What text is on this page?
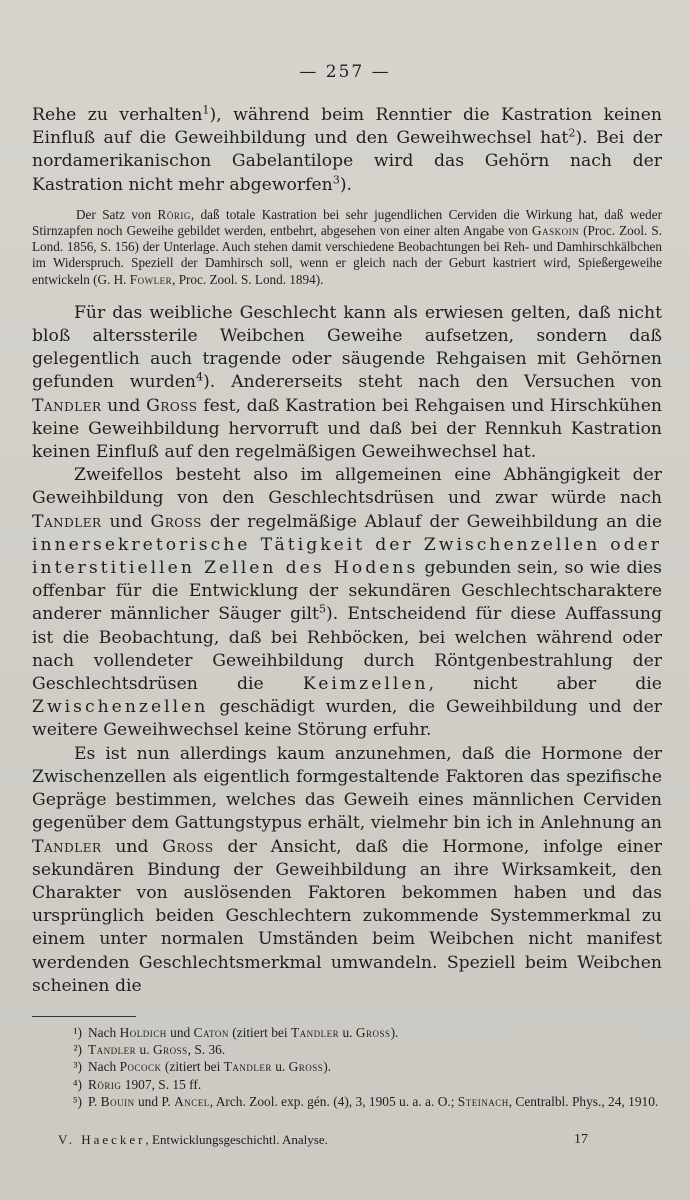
— 257 —

Rehe zu verhalten$^1$), während beim Renntier die Kastration keinen Einfluß auf die Geweihbildung und den Geweihwechsel hat$^2$). Bei der nordamerikanischon Gabelantilope wird das Gehörn nach der Kastration nicht mehr abgeworfen$^3$).

Der Satz von Rörig, daß totale Kastration bei sehr jugendlichen Cerviden die Wirkung hat, daß weder Stirnzapfen noch Geweihe gebildet werden, entbehrt, abgesehen von einer alten Angabe von Gaskoin (Proc. Zool. S. Lond. 1856, S. 156) der Unterlage. Auch stehen damit verschiedene Beobachtungen bei Reh- und Damhirschkälbchen im Widerspruch. Speziell der Damhirsch soll, wenn er gleich nach der Geburt kastriert wird, Spießergeweihe entwickeln (G. H. Fowler, Proc. Zool. S. Lond. 1894).

Für das weibliche Geschlecht kann als erwiesen gelten, daß nicht bloß alterssterile Weibchen Geweihe aufsetzen, sondern daß gelegentlich auch tragende oder säugende Rehgaisen mit Gehörnen gefunden wurden$^4$). Andererseits steht nach den Versuchen von Tandler und Gross fest, daß Kastration bei Rehgaisen und Hirschkühen keine Geweihbildung hervorruft und daß bei der Rennkuh Kastration keinen Einfluß auf den regelmäßigen Geweihwechsel hat.

Zweifellos besteht also im allgemeinen eine Abhängigkeit der Geweihbildung von den Geschlechtsdrüsen und zwar würde nach Tandler und Gross der regelmäßige Ablauf der Geweihbildung an die innersekretorische Tätigkeit der Zwischenzellen oder interstitiellen Zellen des Hodens gebunden sein, so wie dies offenbar für die Entwicklung der sekundären Geschlechtscharaktere anderer männlicher Säuger gilt$^5$). Entscheidend für diese Auffassung ist die Beobachtung, daß bei Rehböcken, bei welchen während oder nach vollendeter Geweihbildung durch Röntgenbestrahlung der Geschlechtsdrüsen die Keimzellen, nicht aber die Zwischenzellen geschädigt wurden, die Geweihbildung und der weitere Geweihwechsel keine Störung erfuhr.

Es ist nun allerdings kaum anzunehmen, daß die Hormone der Zwischenzellen als eigentlich formgestaltende Faktoren das spezifische Gepräge bestimmen, welches das Geweih eines männlichen Cerviden gegenüber dem Gattungstypus erhält, vielmehr bin ich in Anlehnung an Tandler und Gross der Ansicht, daß die Hormone, infolge einer sekundären Bindung der Geweihbildung an ihre Wirksamkeit, den Charakter von auslösenden Faktoren bekommen haben und das ursprünglich beiden Geschlechtern zukommende Systemmerkmal zu einem unter normalen Umständen beim Weibchen nicht manifest werdenden Geschlechtsmerkmal umwandeln. Speziell beim Weibchen scheinen die

¹) Nach Holdich und Caton (zitiert bei Tandler u. Gross).

²) Tandler u. Gross, S. 36.

³) Nach Pocock (zitiert bei Tandler u. Gross).

⁴) Rörig 1907, S. 15 ff.

⁵) P. Bouin und P. Ancel, Arch. Zool. exp. gén. (4), 3, 1905 u. a. a. O.; Steinach, Centralbl. Phys., 24, 1910.

V. Haecker, Entwicklungsgeschichtl. Analyse.	17
